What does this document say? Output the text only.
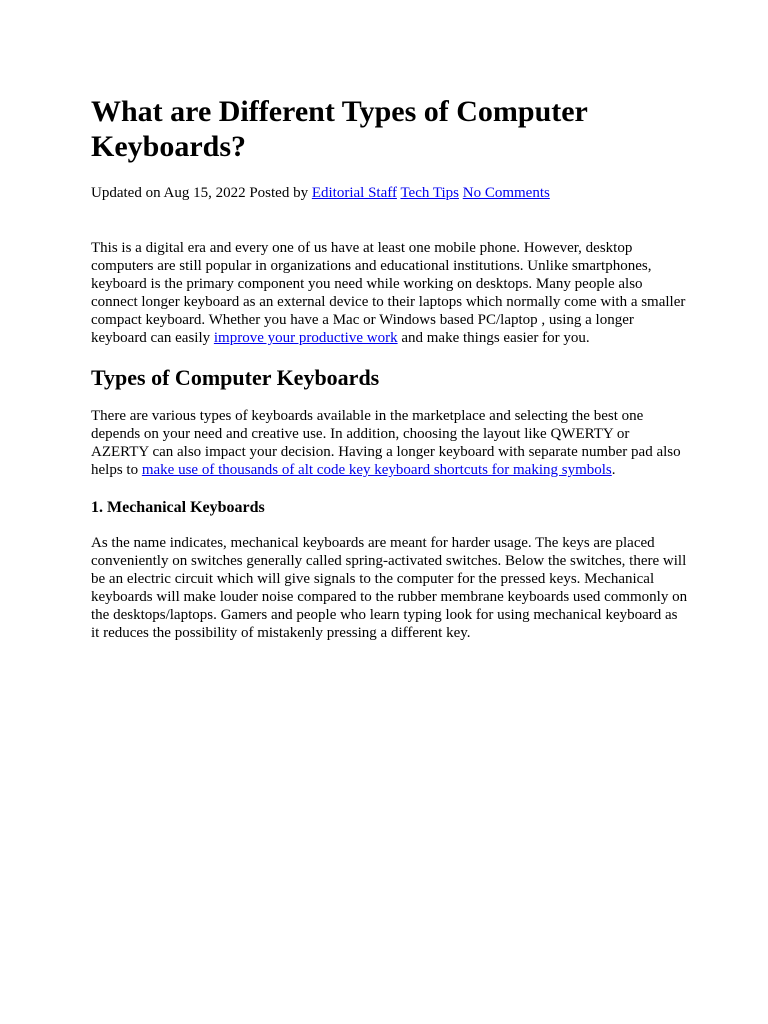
What are Different Types of Computer Keyboards?
Updated on Aug 15, 2022 Posted by Editorial Staff Tech Tips No Comments

This is a digital era and every one of us have at least one mobile phone. However, desktop computers are still popular in organizations and educational institutions. Unlike smartphones, keyboard is the primary component you need while working on desktops. Many people also connect longer keyboard as an external device to their laptops which normally come with a smaller compact keyboard. Whether you have a Mac or Windows based PC/laptop , using a longer keyboard can easily improve your productive work and make things easier for you.

Types of Computer Keyboards

There are various types of keyboards available in the marketplace and selecting the best one depends on your need and creative use. In addition, choosing the layout like QWERTY or AZERTY can also impact your decision. Having a longer keyboard with separate number pad also helps to make use of thousands of alt code key keyboard shortcuts for making symbols.

1. Mechanical Keyboards

As the name indicates, mechanical keyboards are meant for harder usage. The keys are placed conveniently on switches generally called spring-activated switches. Below the switches, there will be an electric circuit which will give signals to the computer for the pressed keys. Mechanical keyboards will make louder noise compared to the rubber membrane keyboards used commonly on the desktops/laptops. Gamers and people who learn typing look for using mechanical keyboard as it reduces the possibility of mistakenly pressing a different key.
